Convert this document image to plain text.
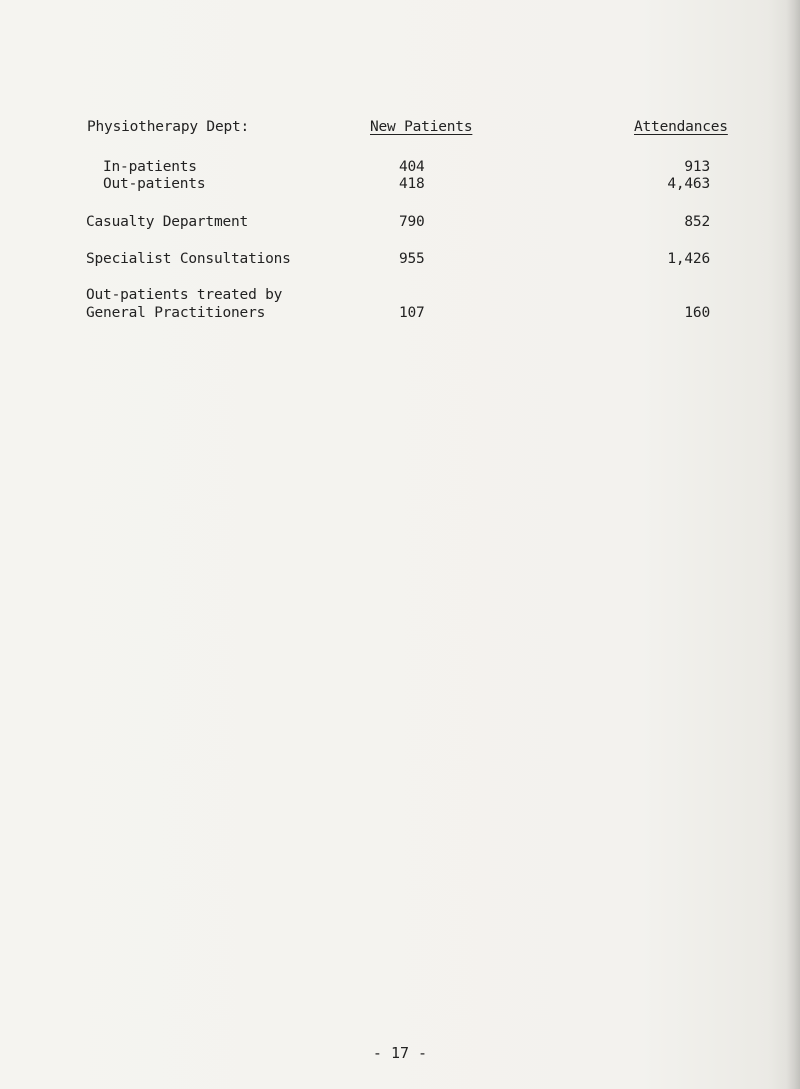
Physiotherapy Dept:	New Patients	Attendances
In-patients	404	913
Out-patients	418	4,463
Casualty Department	790	852
Specialist Consultations	955	1,426
Out-patients treated by
General Practitioners	107	160
- 17 -
